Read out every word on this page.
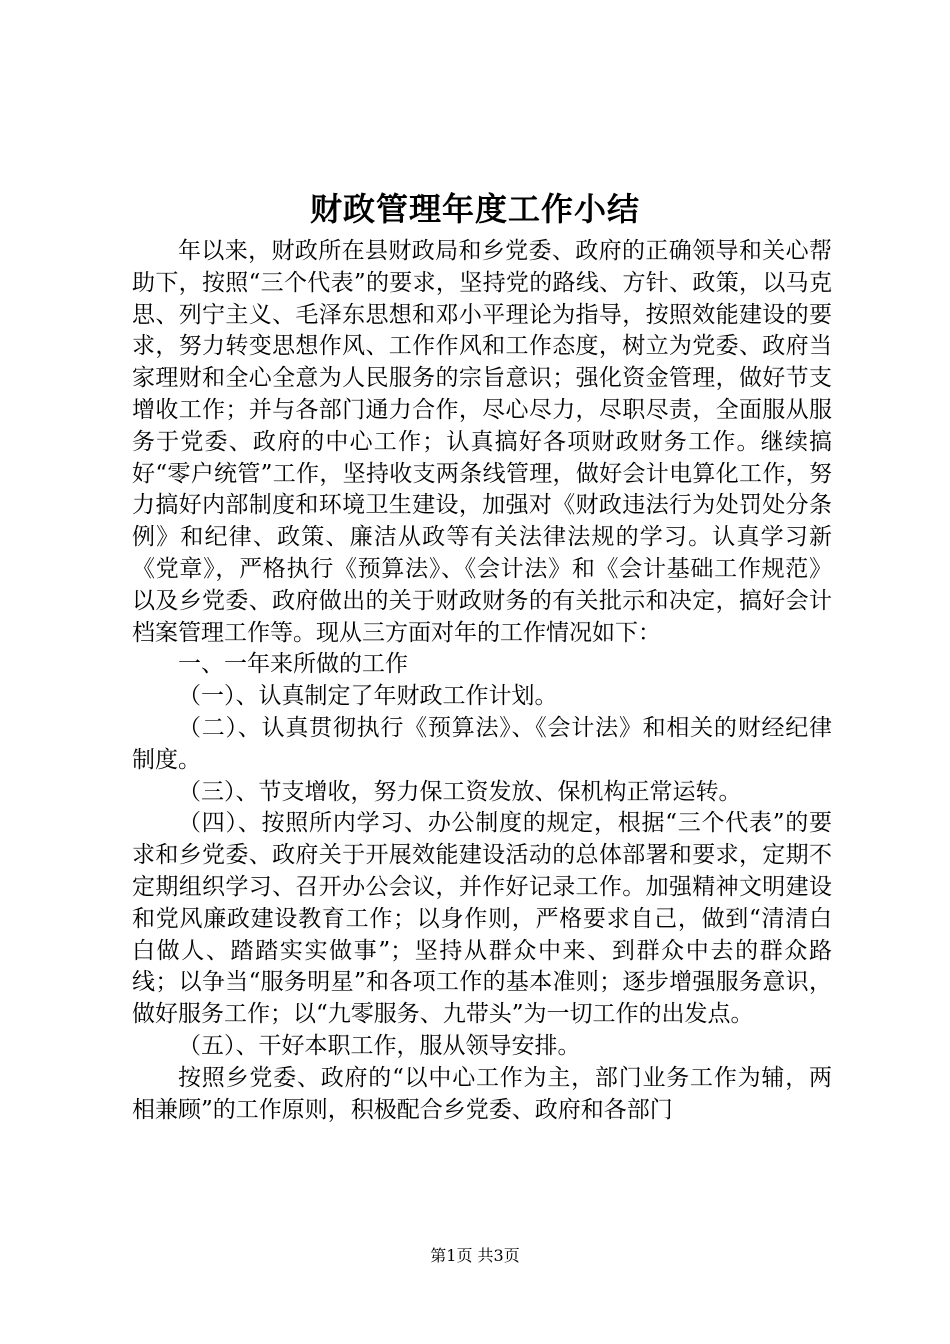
财政管理年度工作小结

年以来，财政所在县财政局和乡党委、政府的正确领导和关心帮助下，按照“三个代表”的要求，坚持党的路线、方针、政策，以马克思、列宁主义、毛泽东思想和邓小平理论为指导，按照效能建设的要求，努力转变思想作风、工作作风和工作态度，树立为党委、政府当家理财和全心全意为人民服务的宗旨意识；强化资金管理，做好节支增收工作；并与各部门通力合作，尽心尽力，尽职尽责，全面服从服务于党委、政府的中心工作；认真搞好各项财政财务工作。继续搞好“零户统管”工作，坚持收支两条线管理，做好会计电算化工作，努力搞好内部制度和环境卫生建设，加强对《财政违法行为处罚处分条例》和纪律、政策、廉洁从政等有关法律法规的学习。认真学习新《党章》，严格执行《预算法》、《会计法》和《会计基础工作规范》以及乡党委、政府做出的关于财政财务的有关批示和决定，搞好会计档案管理工作等。现从三方面对年的工作情况如下：

一、一年来所做的工作

（一）、认真制定了年财政工作计划。

（二）、认真贯彻执行《预算法》、《会计法》和相关的财经纪律制度。

（三）、节支增收，努力保工资发放、保机构正常运转。

（四）、按照所内学习、办公制度的规定，根据“三个代表”的要求和乡党委、政府关于开展效能建设活动的总体部署和要求，定期不定期组织学习、召开办公会议，并作好记录工作。加强精神文明建设和党风廉政建设教育工作；以身作则，严格要求自己，做到“清清白白做人、踏踏实实做事”；坚持从群众中来、到群众中去的群众路线；以争当“服务明星”和各项工作的基本准则；逐步增强服务意识，做好服务工作；以“九零服务、九带头”为一切工作的出发点。

（五）、干好本职工作，服从领导安排。

按照乡党委、政府的“以中心工作为主，部门业务工作为辅，两相兼顾”的工作原则，积极配合乡党委、政府和各部门

第1页 共3页
